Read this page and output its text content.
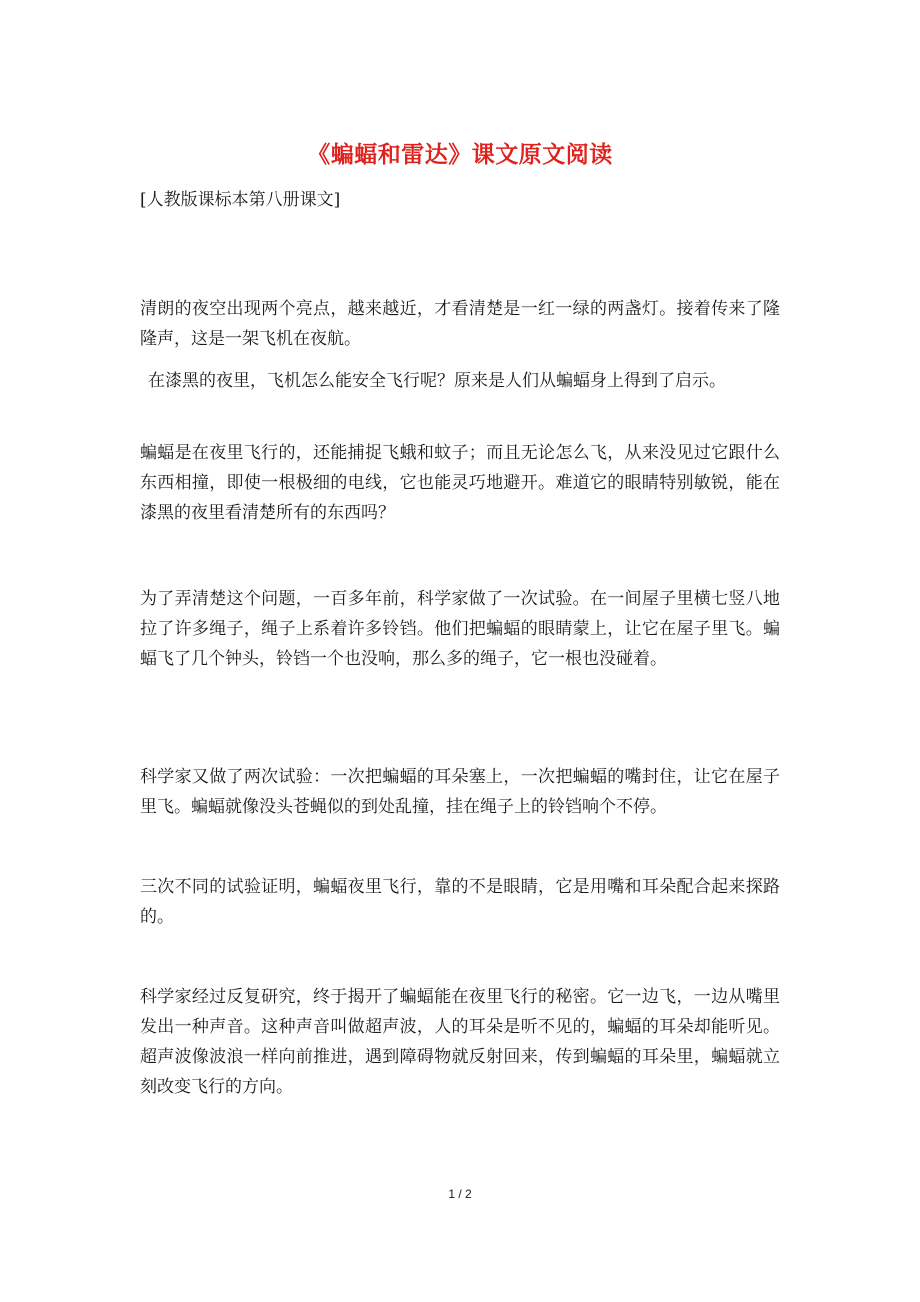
《蝙蝠和雷达》课文原文阅读
[人教版课标本第八册课文]
清朗的夜空出现两个亮点，越来越近，才看清楚是一红一绿的两盏灯。接着传来了隆隆声，这是一架飞机在夜航。
在漆黑的夜里，飞机怎么能安全飞行呢？原来是人们从蝙蝠身上得到了启示。
蝙蝠是在夜里飞行的，还能捕捉飞蛾和蚊子；而且无论怎么飞，从来没见过它跟什么东西相撞，即使一根极细的电线，它也能灵巧地避开。难道它的眼睛特别敏锐，能在漆黑的夜里看清楚所有的东西吗？
为了弄清楚这个问题，一百多年前，科学家做了一次试验。在一间屋子里横七竖八地拉了许多绳子，绳子上系着许多铃铛。他们把蝙蝠的眼睛蒙上，让它在屋子里飞。蝙蝠飞了几个钟头，铃铛一个也没响，那么多的绳子，它一根也没碰着。
科学家又做了两次试验：一次把蝙蝠的耳朵塞上，一次把蝙蝠的嘴封住，让它在屋子里飞。蝙蝠就像没头苍蝇似的到处乱撞，挂在绳子上的铃铛响个不停。
三次不同的试验证明，蝙蝠夜里飞行，靠的不是眼睛，它是用嘴和耳朵配合起来探路的。
科学家经过反复研究，终于揭开了蝙蝠能在夜里飞行的秘密。它一边飞，一边从嘴里发出一种声音。这种声音叫做超声波，人的耳朵是听不见的，蝙蝠的耳朵却能听见。超声波像波浪一样向前推进，遇到障碍物就反射回来，传到蝙蝠的耳朵里，蝙蝠就立刻改变飞行的方向。
1 / 2
